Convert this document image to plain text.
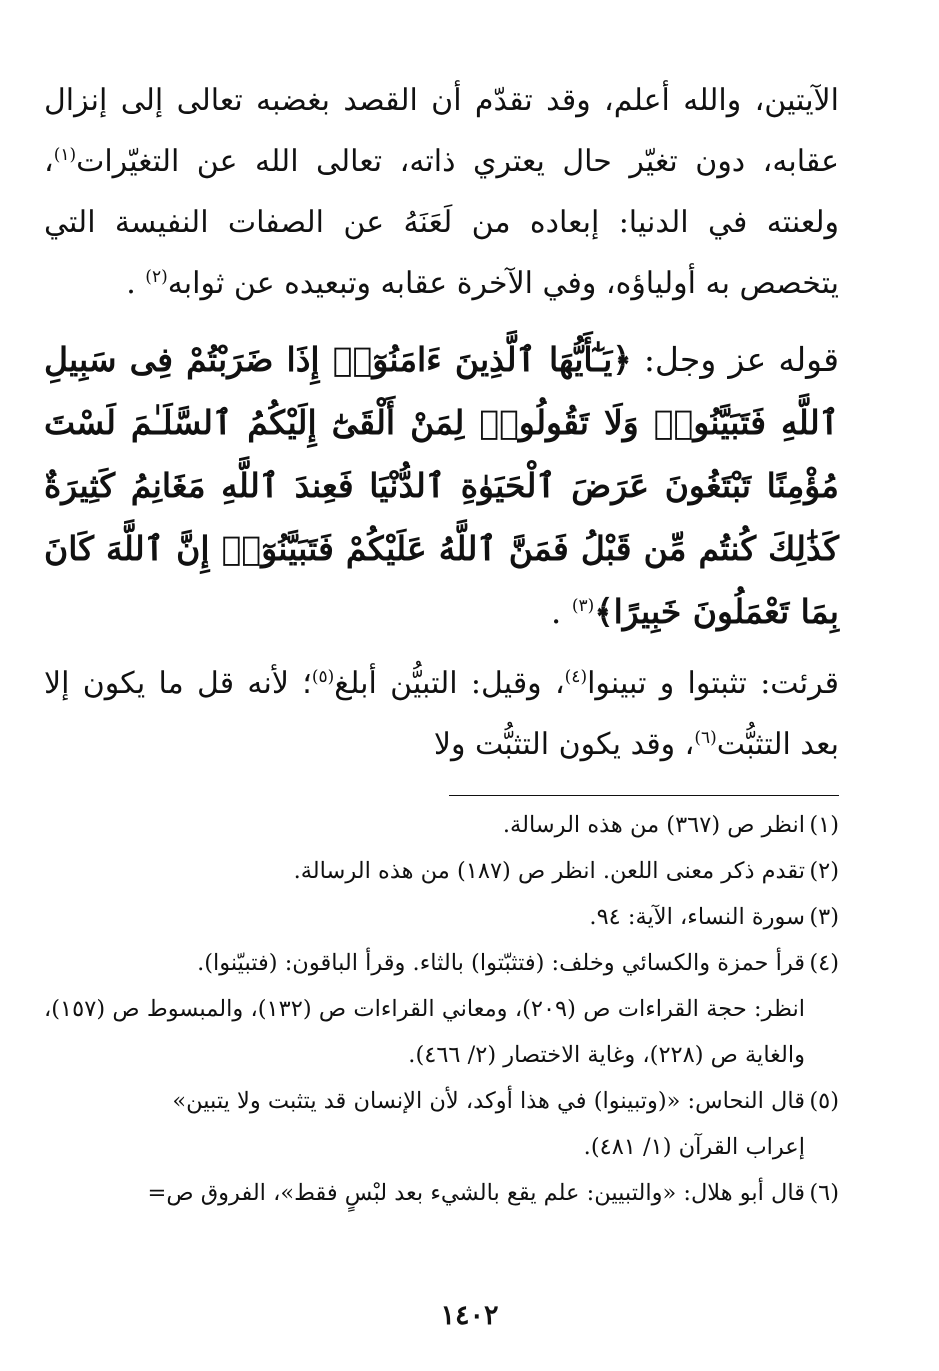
الآيتين، والله أعلم، وقد تقدّم أن القصد بغضبه تعالى إلى إنزال عقابه، دون تغيّر حال يعتري ذاته، تعالى الله عن التغيّرات$^{(١)}$، ولعنته في الدنيا: إبعاده من لَعَنَهُ عن الصفات النفيسة التي يتخصص به أولياؤه، وفي الآخرة عقابه وتبعيده عن ثوابه$^{(٢)}$ .

قوله عز وجل: ﴿يَـٰٓأَيُّهَا ٱلَّذِينَ ءَامَنُوٓا۟ إِذَا ضَرَبْتُمْ فِى سَبِيلِ ٱللَّهِ فَتَبَيَّنُوا۟ وَلَا تَقُولُوا۟ لِمَنْ أَلْقَىٰٓ إِلَيْكُمُ ٱلسَّلَـٰمَ لَسْتَ مُؤْمِنًا تَبْتَغُونَ عَرَضَ ٱلْحَيَوٰةِ ٱلدُّنْيَا فَعِندَ ٱللَّهِ مَغَانِمُ كَثِيرَةٌ كَذَٰلِكَ كُنتُم مِّن قَبْلُ فَمَنَّ ٱللَّهُ عَلَيْكُمْ فَتَبَيَّنُوٓا۟ إِنَّ ٱللَّهَ كَانَ بِمَا تَعْمَلُونَ خَبِيرًا﴾$^{(٣)}$ .

قرئت: تثبتوا و تبينوا$^{(٤)}$، وقيل: التبيُّن أبلغ$^{(٥)}$؛ لأنه قل ما يكون إلا بعد التثبُّت$^{(٦)}$، وقد يكون التثبُّت ولا

(١)انظر ص (٣٦٧) من هذه الرسالة.

(٢)تقدم ذكر معنى اللعن. انظر ص (١٨٧) من هذه الرسالة.

(٣)سورة النساء، الآية: ٩٤.

(٤)قرأ حمزة والكسائي وخلف: (فتثبّتوا) بالثاء. وقرأ الباقون: (فتبيّنوا).

انظر: حجة القراءات ص (٢٠٩)، ومعاني القراءات ص (١٣٢)، والمبسوط ص (١٥٧)، والغاية ص (٢٢٨)، وغاية الاختصار (٢/ ٤٦٦).

(٥)قال النحاس: «(وتبينوا) في هذا أوكد، لأن الإنسان قد يتثبت ولا يتبين»

إعراب القرآن (١/ ٤٨١).

(٦)قال أبو هلال: «والتبيين: علم يقع بالشيء بعد لبْسٍ فقط»، الفروق ص=

١٤٠٢
